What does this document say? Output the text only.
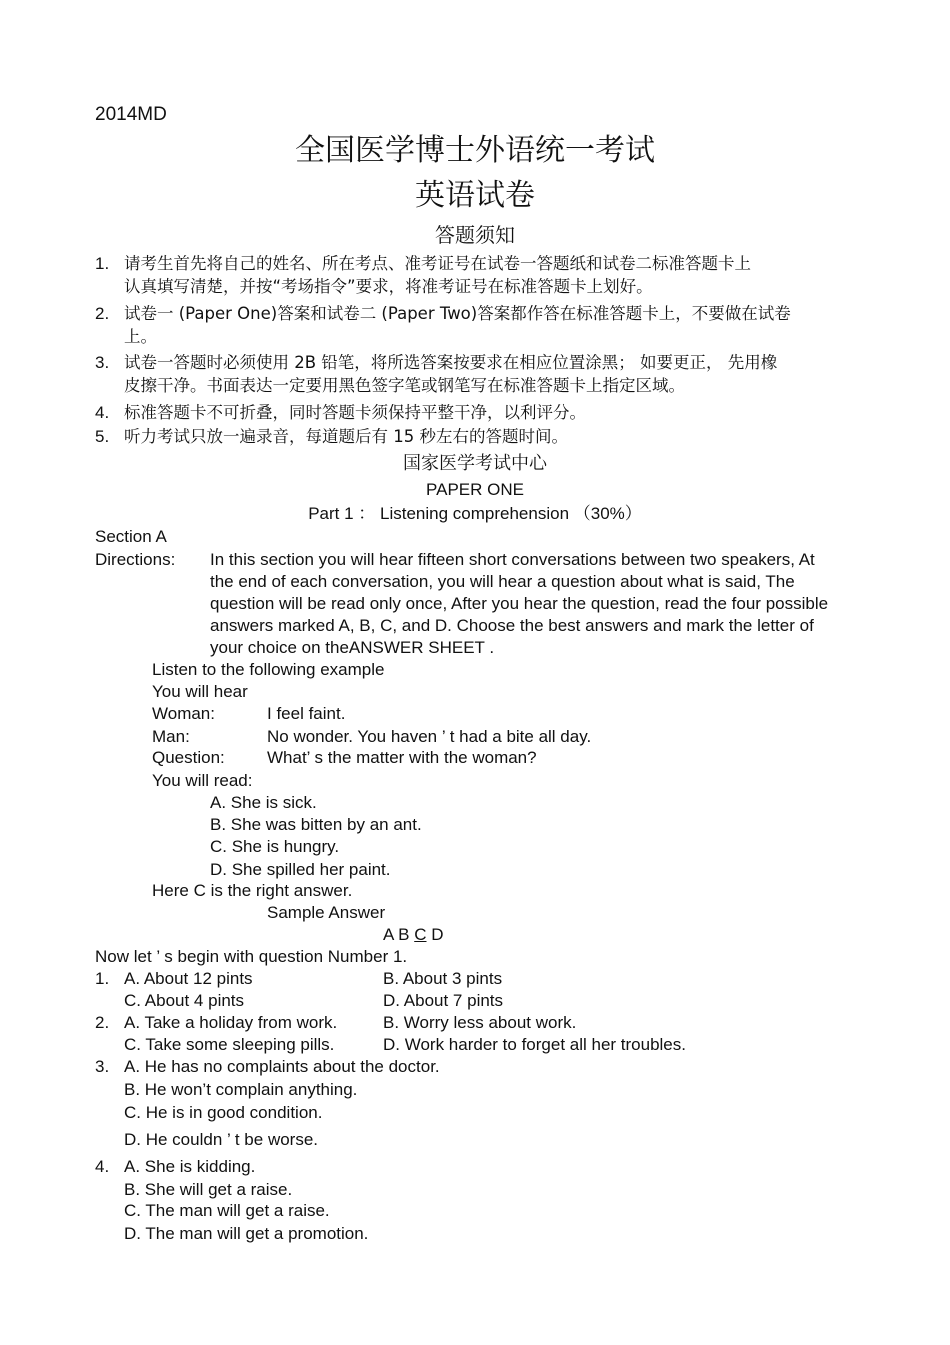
2014MD
全国医学博士外语统一考试
英语试卷
答题须知
1. 请考生首先将自己的姓名、所在考点、准考证号在试卷一答题纸和试卷二标准答题卡上
认真填写清楚，并按“考场指令”要求，将准考证号在标准答题卡上划好。
2. 试卷一 (Paper One)答案和试卷二 (Paper Two)答案都作答在标准答题卡上，不要做在试卷
上。
3. 试卷一答题时必须使用 2B 铅笔，将所选答案按要求在相应位置涂黑； 如要更正， 先用橡
皮擦干净。书面表达一定要用黑色签字笔或钢笔写在标准答题卡上指定区域。
4. 标准答题卡不可折叠，同时答题卡须保持平整干净，以利评分。
5. 听力考试只放一遍录音，每道题后有 15 秒左右的答题时间。
国家医学考试中心
PAPER ONE
Part 1 ： Listening comprehension （30%）
Section A
Directions: In this section you will hear fifteen short conversations between two speakers, At
the end of each conversation, you will hear a question about what is said, The
question will be read only once, After you hear the question, read the four possible
answers marked A, B, C, and D. Choose the best answers and mark the letter of
your choice on theANSWER SHEET .
Listen to the following example
You will hear
Woman:	I feel faint.
Man:	No wonder. You haven ’ t had a bite all day.
Question: What’ s the matter with the woman?
You will read:
A. She is sick.
B. She was bitten by an ant.
C. She is hungry.
D. She spilled her paint.
Here C is the right answer.
Sample Answer
A B C D
Now let ’ s begin with question Number 1.
1. A. About 12 pints	B. About 3 pints
C. About 4 pints	D. About 7 pints
2. A. Take a holiday from work.	B. Worry less about work.
C. Take some sleeping pills.	D. Work harder to forget all her troubles.
3. A. He has no complaints about the doctor.
B. He won’t complain anything.
C. He is in good condition.
D. He couldn ’ t be worse.
4. A. She is kidding.
B. She will get a raise.
C. The man will get a raise.
D. The man will get a promotion.
